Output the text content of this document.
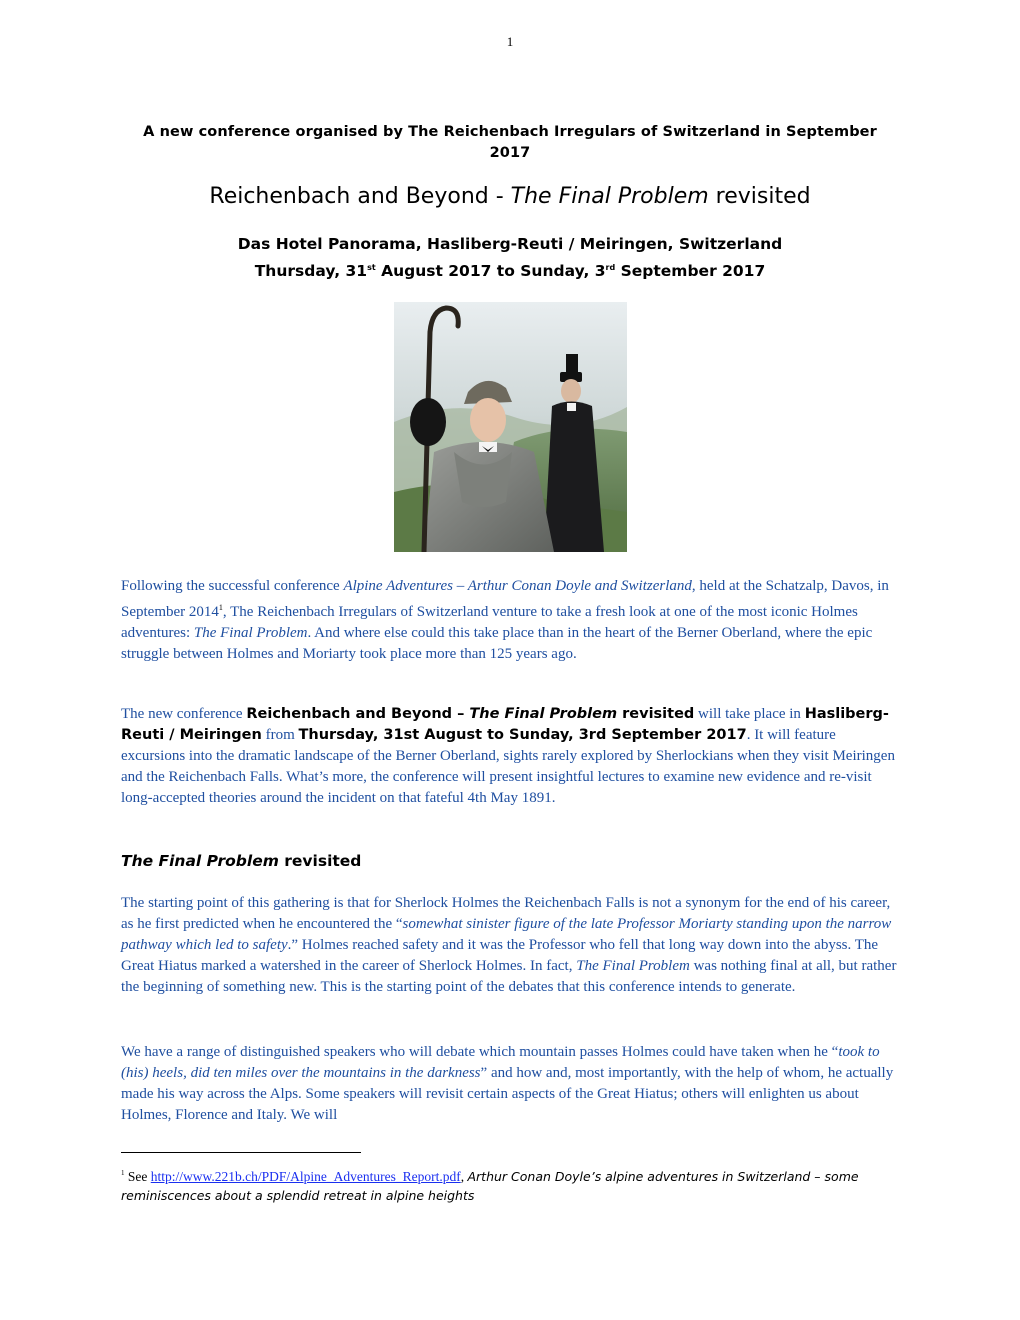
1
A new conference organised by The Reichenbach Irregulars of Switzerland in September 2017
Reichenbach and Beyond - The Final Problem revisited
Das Hotel Panorama, Hasliberg-Reuti / Meiringen, Switzerland
Thursday, 31st August 2017 to Sunday, 3rd September 2017
Following the successful conference Alpine Adventures – Arthur Conan Doyle and Switzerland, held at the Schatzalp, Davos, in September 2014$^1$, The Reichenbach Irregulars of Switzerland venture to take a fresh look at one of the most iconic Holmes adventures: The Final Problem. And where else could this take place than in the heart of the Berner Oberland, where the epic struggle between Holmes and Moriarty took place more than 125 years ago.
The new conference Reichenbach and Beyond – The Final Problem revisited will take place in Hasliberg-Reuti / Meiringen from Thursday, 31st August to Sunday, 3rd September 2017. It will feature excursions into the dramatic landscape of the Berner Oberland, sights rarely explored by Sherlockians when they visit Meiringen and the Reichenbach Falls. What’s more, the conference will present insightful lectures to examine new evidence and re-visit long-accepted theories around the incident on that fateful 4th May 1891.
The Final Problem revisited
The starting point of this gathering is that for Sherlock Holmes the Reichenbach Falls is not a synonym for the end of his career, as he first predicted when he encountered the “somewhat sinister figure of the late Professor Moriarty standing upon the narrow pathway which led to safety.” Holmes reached safety and it was the Professor who fell that long way down into the abyss. The Great Hiatus marked a watershed in the career of Sherlock Holmes. In fact, The Final Problem was nothing final at all, but rather the beginning of something new. This is the starting point of the debates that this conference intends to generate.
We have a range of distinguished speakers who will debate which mountain passes Holmes could have taken when he “took to (his) heels, did ten miles over the mountains in the darkness” and how and, most importantly, with the help of whom, he actually made his way across the Alps. Some speakers will revisit certain aspects of the Great Hiatus; others will enlighten us about Holmes, Florence and Italy. We will
$^1$ See http://www.221b.ch/PDF/Alpine_Adventures_Report.pdf, Arthur Conan Doyle’s alpine adventures in Switzerland – some reminiscences about a splendid retreat in alpine heights
